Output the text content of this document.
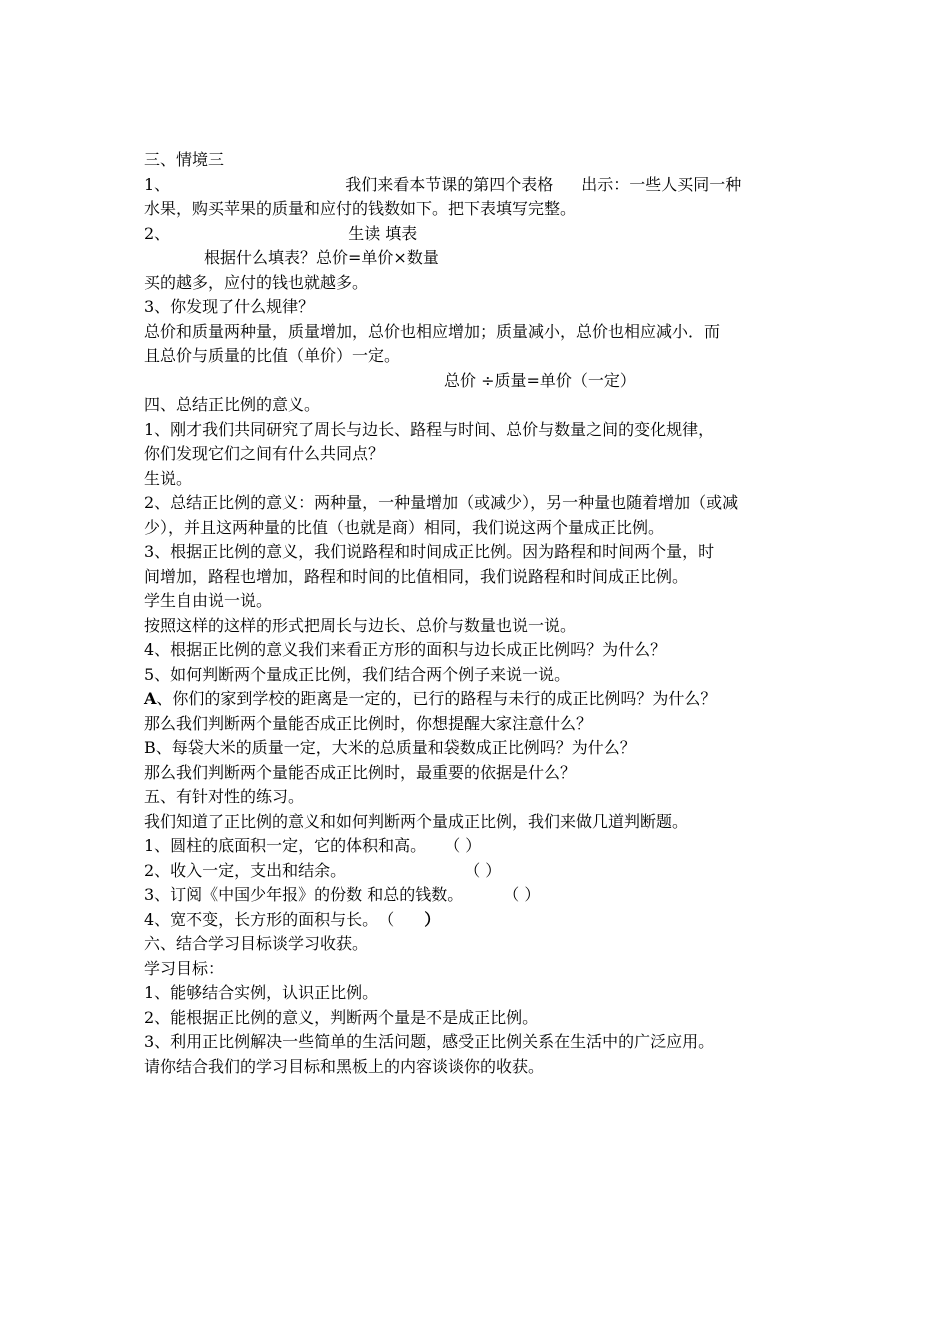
三、情境三

1、	我们来看本节课的第四个表格 出示：一些人买同一种

水果，购买苹果的质量和应付的钱数如下。把下表填写完整。

2、	生读 填表

根据什么填表？总价=单价×数量

买的越多，应付的钱也就越多。

3、你发现了什么规律？

总价和质量两种量，质量增加，总价也相应增加；质量减小，总价也相应减小．而

且总价与质量的比值（单价）一定。

总价 ÷质量=单价（一定）

四、总结正比例的意义。

1、刚才我们共同研究了周长与边长、路程与时间、总价与数量之间的变化规律，

你们发现它们之间有什么共同点？

生说。

2、总结正比例的意义：两种量，一种量增加（或减少），另一种量也随着增加（或减

少），并且这两种量的比值（也就是商）相同，我们说这两个量成正比例。

3、根据正比例的意义，我们说路程和时间成正比例。因为路程和时间两个量，时

间增加，路程也增加，路程和时间的比值相同，我们说路程和时间成正比例。

学生自由说一说。

按照这样的这样的形式把周长与边长、总价与数量也说一说。

4、根据正比例的意义我们来看正方形的面积与边长成正比例吗？为什么？

5、如何判断两个量成正比例，我们结合两个例子来说一说。

A、你们的家到学校的距离是一定的，已行的路程与未行的成正比例吗？为什么？

那么我们判断两个量能否成正比例时，你想提醒大家注意什么？

B、每袋大米的质量一定，大米的总质量和袋数成正比例吗？为什么？

那么我们判断两个量能否成正比例时，最重要的依据是什么？

五、有针对性的练习。

我们知道了正比例的意义和如何判断两个量成正比例，我们来做几道判断题。

1、圆柱的底面积一定，它的体积和高。 （ ）

2、收入一定，支出和结余。	（ ）

3、订阅《中国少年报》的份数 和总的钱数。	（ ）

4、宽不变，长方形的面积与长。（ ）

六、结合学习目标谈学习收获。

学习目标：

1、能够结合实例，认识正比例。

2、能根据正比例的意义，判断两个量是不是成正比例。

3、利用正比例解决一些简单的生活问题，感受正比例关系在生活中的广泛应用。

请你结合我们的学习目标和黑板上的内容谈谈你的收获。
